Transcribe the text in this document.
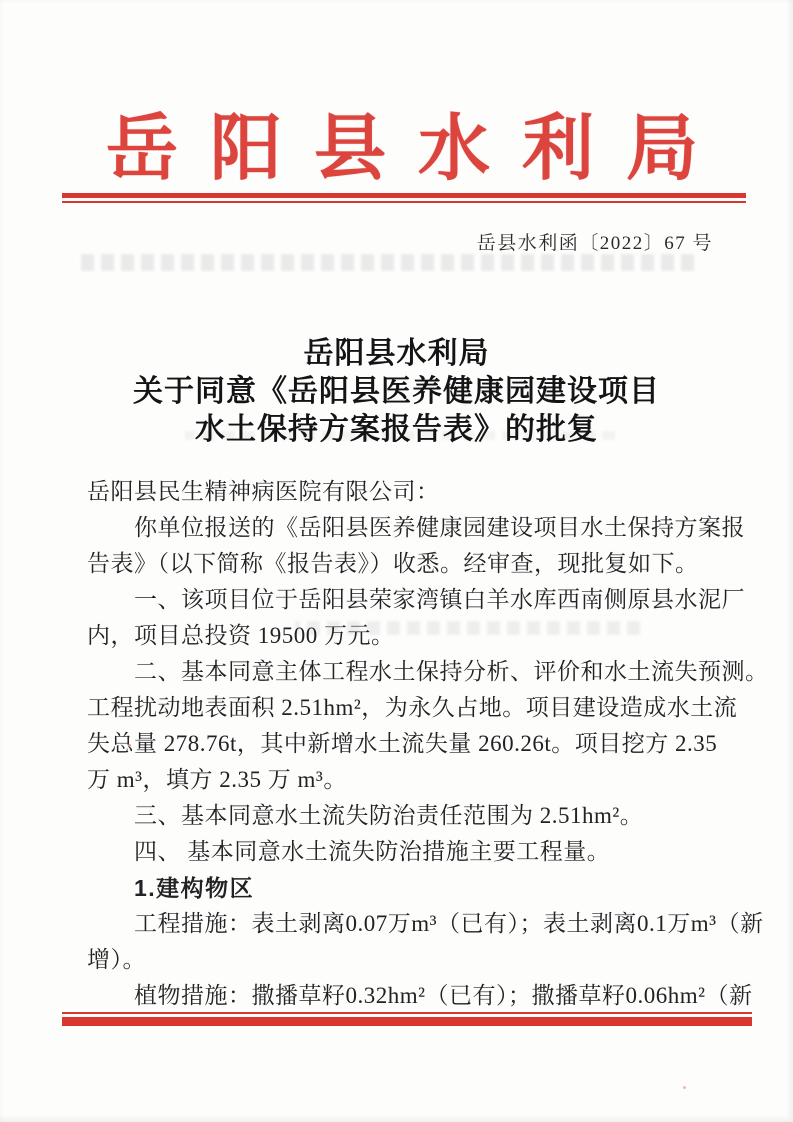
岳阳县水利局
岳县水利函〔2022〕67 号
岳阳县水利局
关于同意《岳阳县医养健康园建设项目
水土保持方案报告表》的批复
岳阳县民生精神病医院有限公司：
你单位报送的《岳阳县医养健康园建设项目水土保持方案报
告表》（以下简称《报告表》）收悉。经审查，现批复如下。
一、该项目位于岳阳县荣家湾镇白羊水库西南侧原县水泥厂
内，项目总投资 19500 万元。
二、基本同意主体工程水土保持分析、评价和水土流失预测。
工程扰动地表面积 2.51hm²，为永久占地。项目建设造成水土流
失总量 278.76t，其中新增水土流失量 260.26t。项目挖方 2.35
万 m³，填方 2.35 万 m³。
三、基本同意水土流失防治责任范围为 2.51hm²。
四、 基本同意水土流失防治措施主要工程量。
1.建构物区
工程措施：表土剥离0.07万m³（已有）；表土剥离0.1万m³（新
增）。
植物措施：撒播草籽0.32hm²（已有）；撒播草籽0.06hm²（新
